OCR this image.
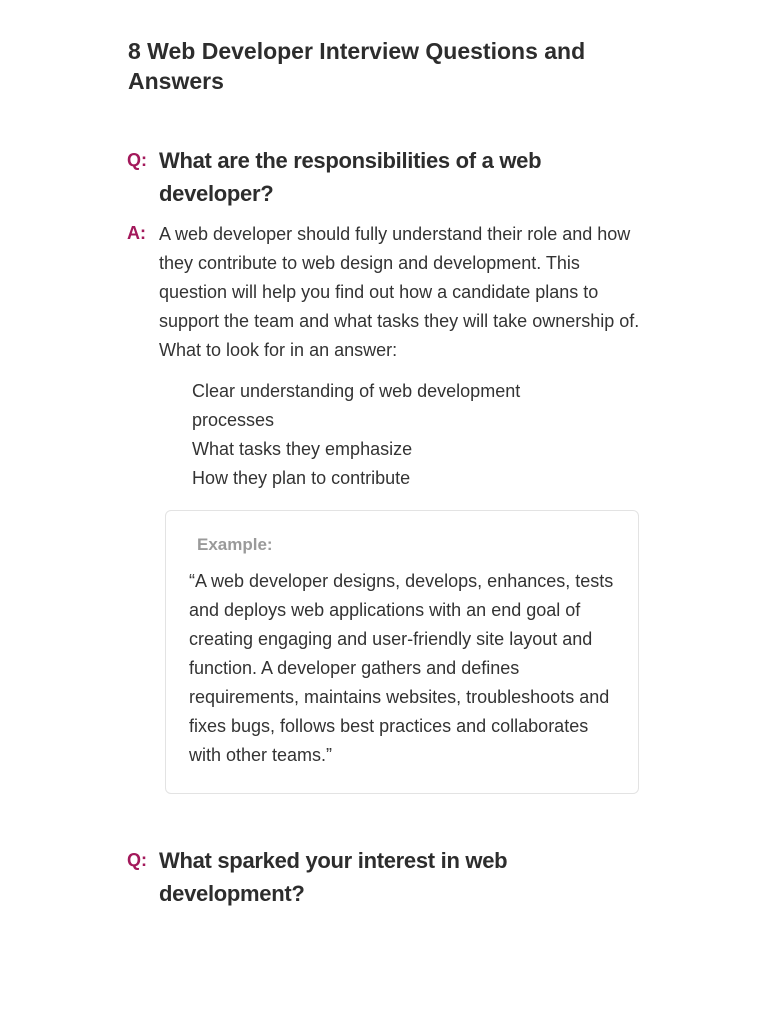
8 Web Developer Interview Questions and Answers
Q: What are the responsibilities of a web developer?
A: A web developer should fully understand their role and how they contribute to web design and development. This question will help you find out how a candidate plans to support the team and what tasks they will take ownership of. What to look for in an answer:

Clear understanding of web development processes
What tasks they emphasize
How they plan to contribute
Example:

“A web developer designs, develops, enhances, tests and deploys web applications with an end goal of creating engaging and user-friendly site layout and function. A developer gathers and defines requirements, maintains websites, troubleshoots and fixes bugs, follows best practices and collaborates with other teams.”

Q: What sparked your interest in web development?
